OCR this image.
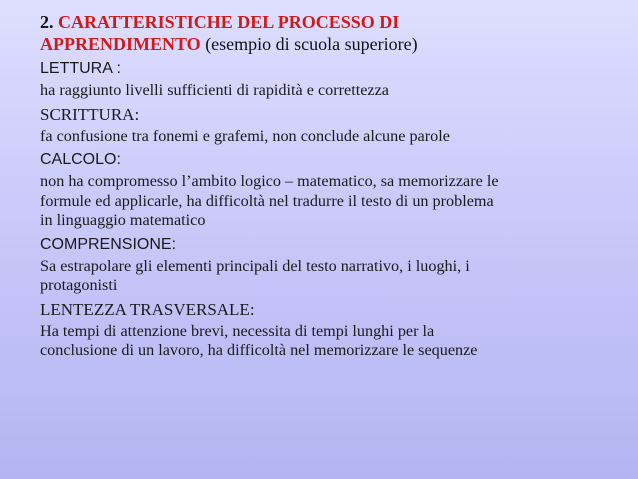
2. CARATTERISTICHE DEL PROCESSO DI
APPRENDIMENTO (esempio di scuola superiore)
LETTURA :
ha raggiunto livelli sufficienti di rapidità e correttezza
SCRITTURA:
fa confusione tra fonemi e grafemi, non conclude alcune parole
CALCOLO:
non ha compromesso l’ambito logico – matematico, sa memorizzare le
formule ed applicarle, ha difficoltà nel tradurre il testo di un problema
in linguaggio matematico
COMPRENSIONE:
Sa estrapolare gli elementi principali del testo narrativo, i luoghi, i
protagonisti
LENTEZZA TRASVERSALE:
Ha tempi di attenzione brevi, necessita di tempi lunghi per la
conclusione di un lavoro, ha difficoltà nel memorizzare le sequenze
